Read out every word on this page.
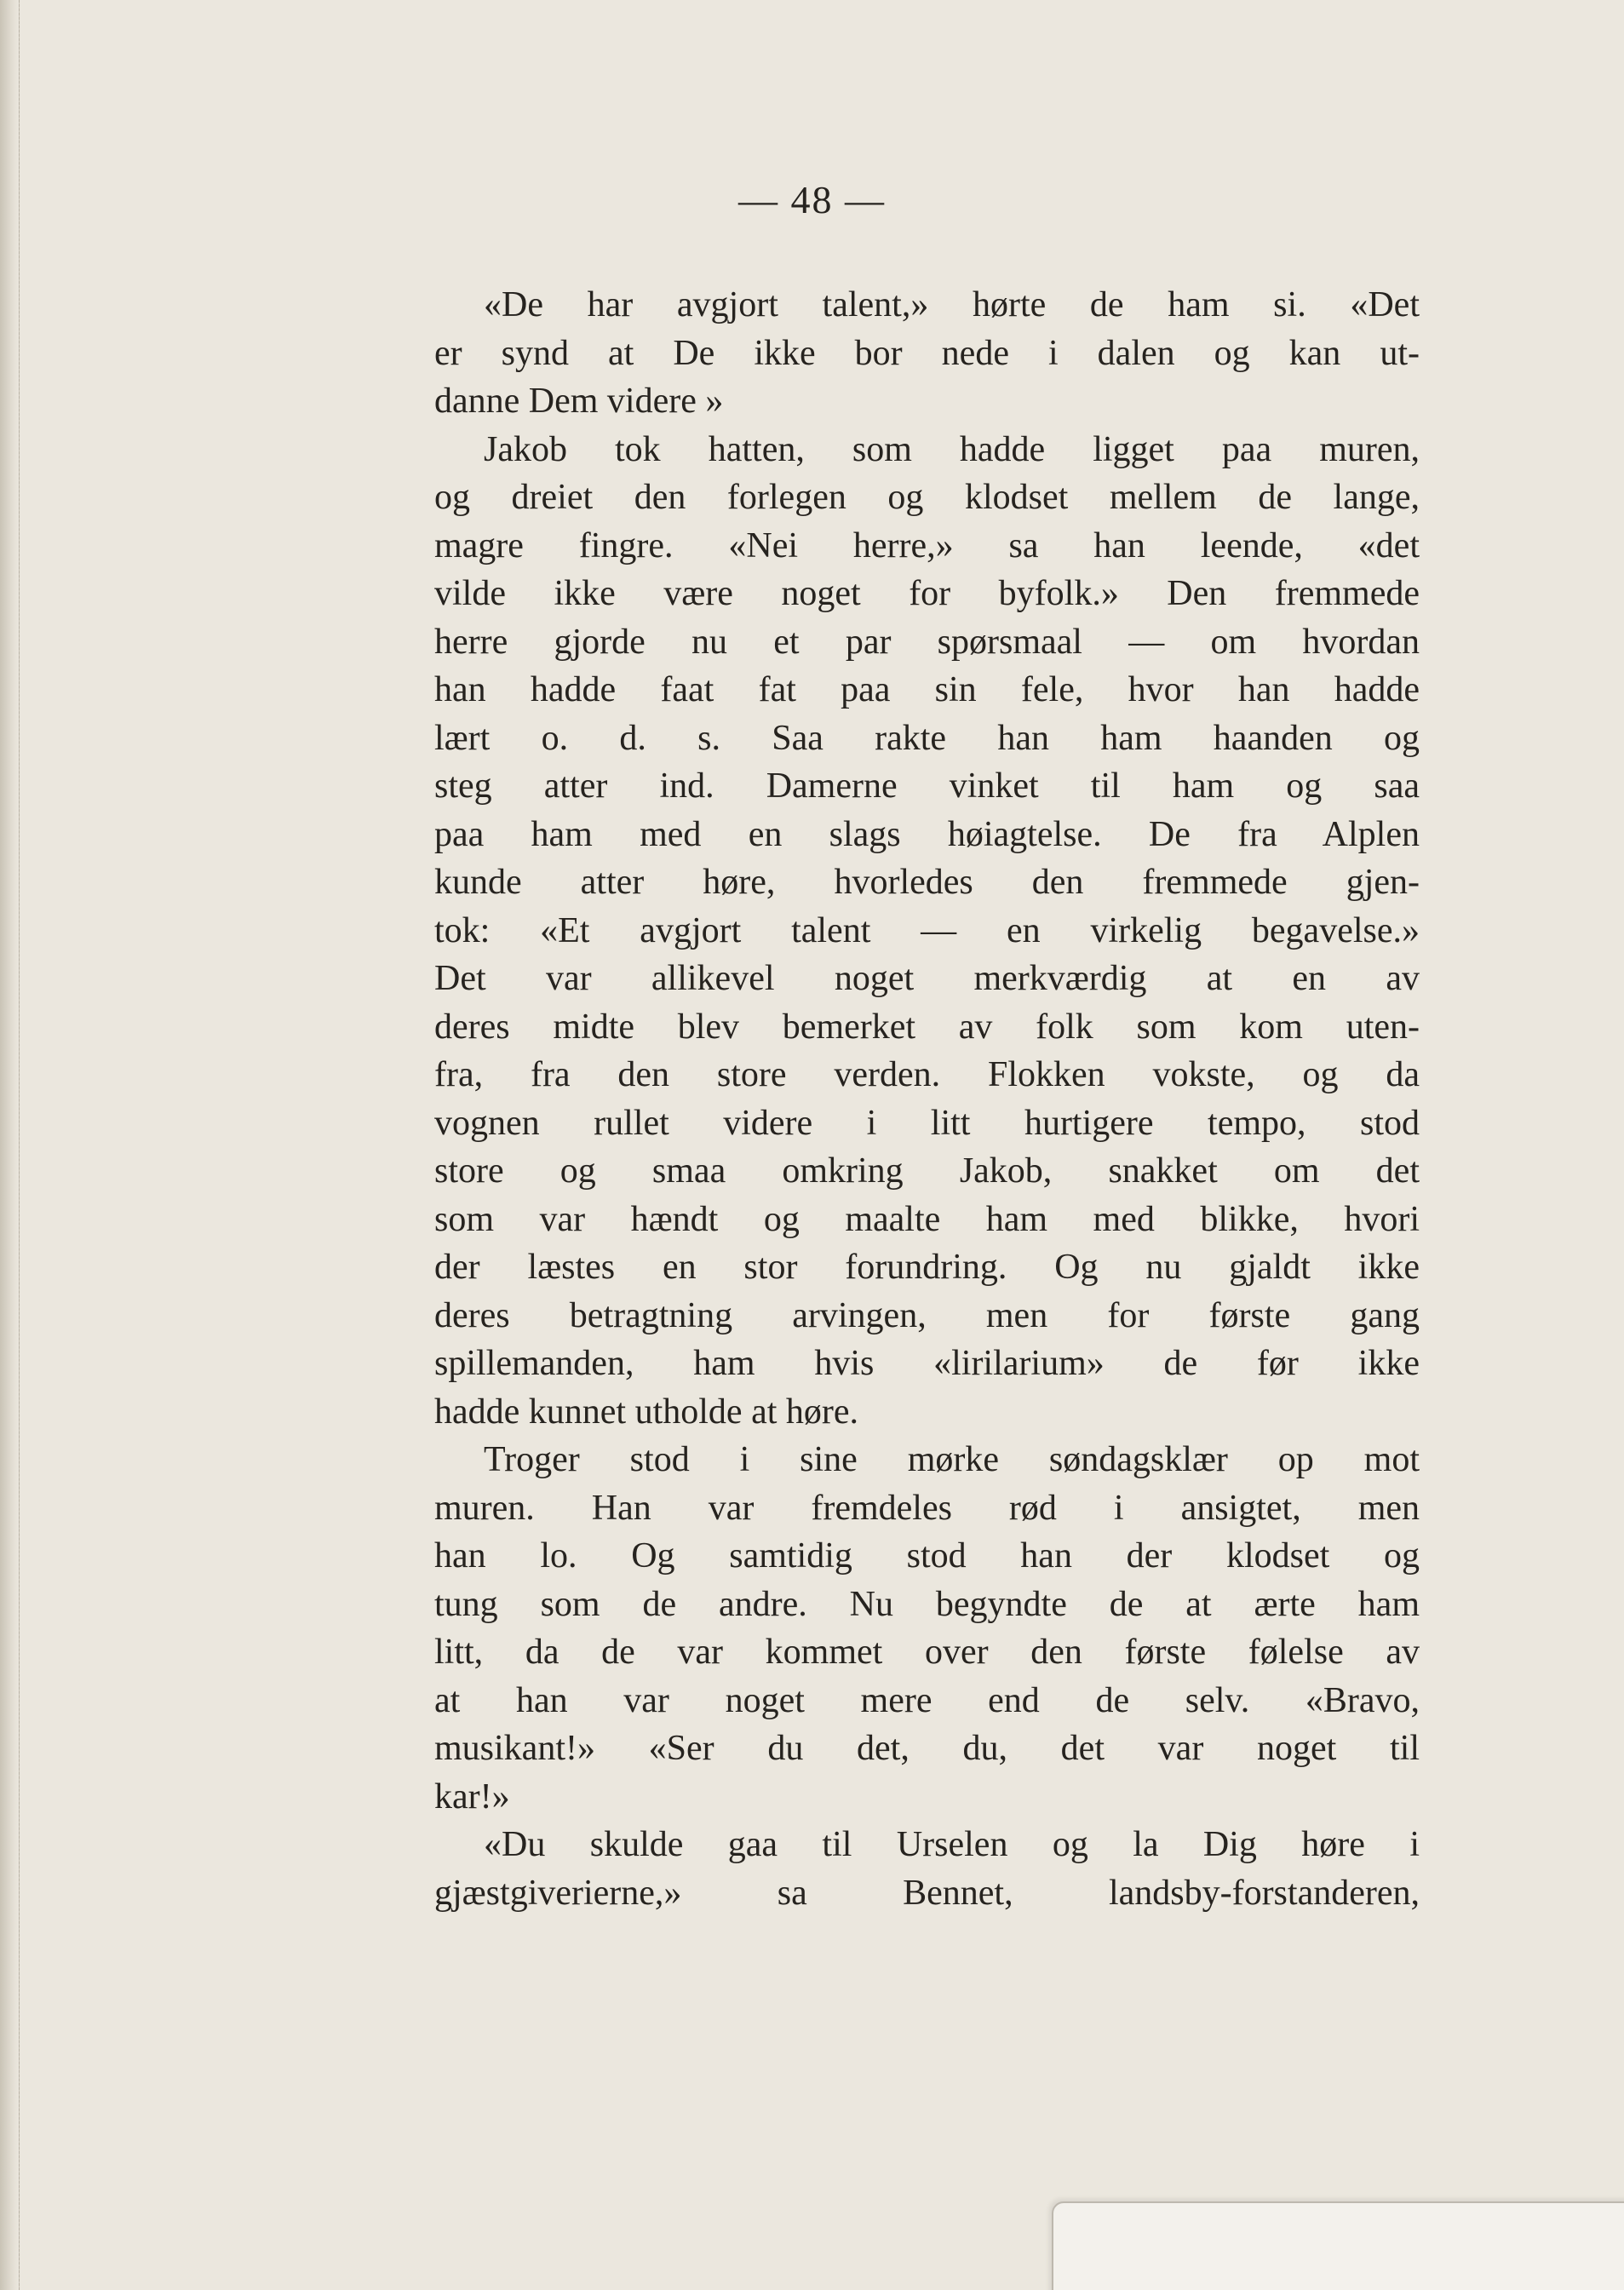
— 48 —
«De har avgjort talent,» hørte de ham si. «Det
er synd at De ikke bor nede i dalen og kan ut-
danne Dem videre »
Jakob tok hatten, som hadde ligget paa muren,
og dreiet den forlegen og klodset mellem de lange,
magre fingre. «Nei herre,» sa han leende, «det
vilde ikke være noget for byfolk.» Den fremmede
herre gjorde nu et par spørsmaal — om hvordan
han hadde faat fat paa sin fele, hvor han hadde
lært o. d. s. Saa rakte han ham haanden og
steg atter ind. Damerne vinket til ham og saa
paa ham med en slags høiagtelse. De fra Alplen
kunde atter høre, hvorledes den fremmede gjen-
tok: «Et avgjort talent — en virkelig begavelse.»
Det var allikevel noget merkværdig at en av
deres midte blev bemerket av folk som kom uten-
fra, fra den store verden. Flokken vokste, og da
vognen rullet videre i litt hurtigere tempo, stod
store og smaa omkring Jakob, snakket om det
som var hændt og maalte ham med blikke, hvori
der læstes en stor forundring. Og nu gjaldt ikke
deres betragtning arvingen, men for første gang
spillemanden, ham hvis «lirilarium» de før ikke
hadde kunnet utholde at høre.
Troger stod i sine mørke søndagsklær op mot
muren. Han var fremdeles rød i ansigtet, men
han lo. Og samtidig stod han der klodset og
tung som de andre. Nu begyndte de at ærte ham
litt, da de var kommet over den første følelse av
at han var noget mere end de selv. «Bravo,
musikant!» «Ser du det, du, det var noget til
kar!»
«Du skulde gaa til Urselen og la Dig høre i
gjæstgiverierne,» sa Bennet, landsby-forstanderen,
